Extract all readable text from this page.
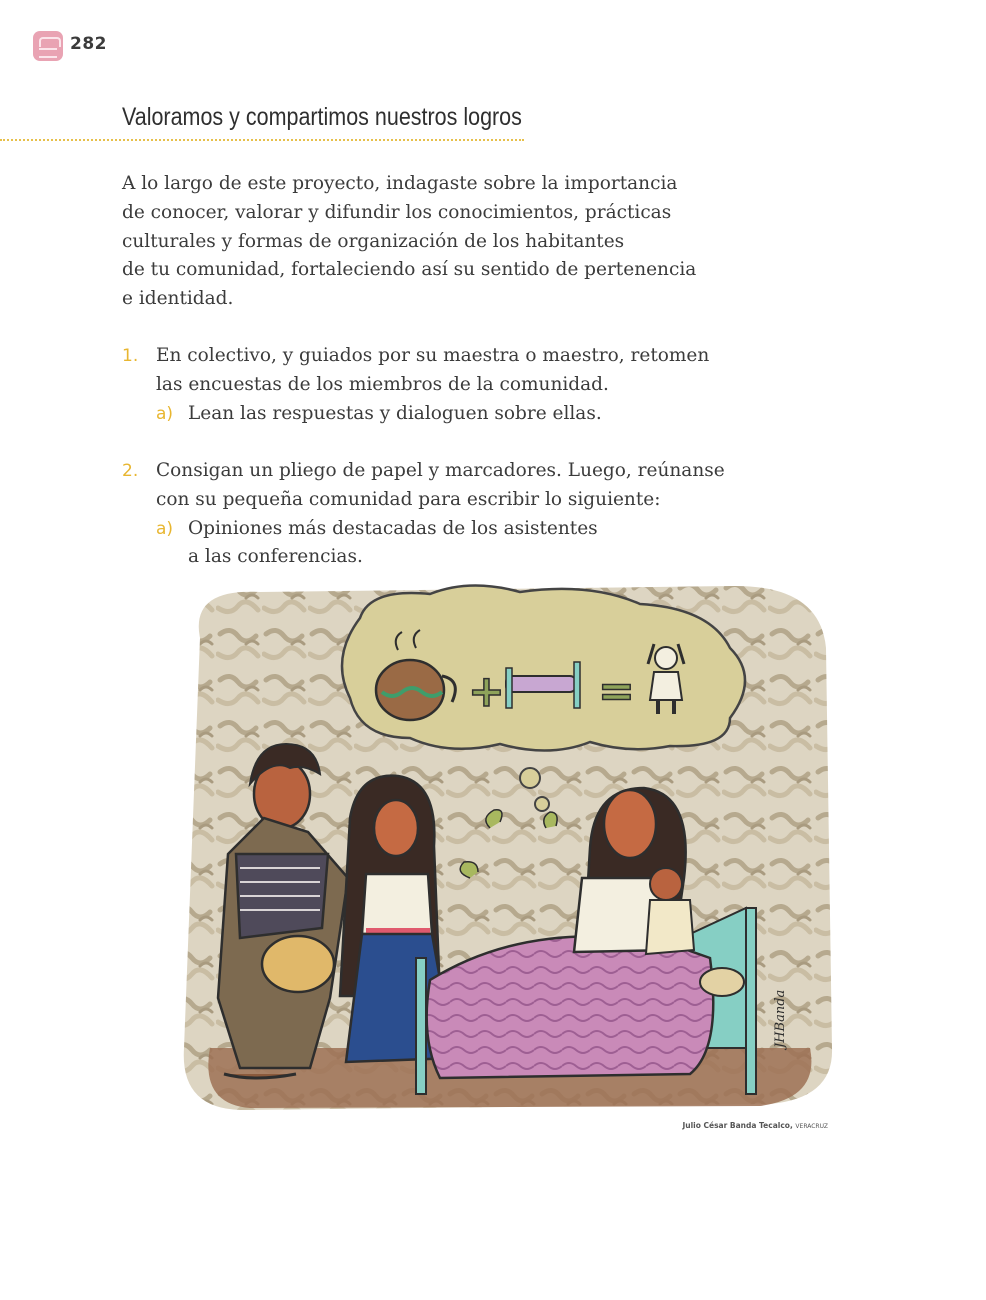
282
Valoramos y compartimos nuestros logros

A lo largo de este proyecto, indagaste sobre la importancia
de conocer, valorar y difundir los conocimientos, prácticas
culturales y formas de organización de los habitantes
de tu comunidad, fortaleciendo así su sentido de pertenencia
e identidad.

1. En colectivo, y guiados por su maestra o maestro, retomen
las encuestas de los miembros de la comunidad.
a) Lean las respuestas y dialoguen sobre ellas.
2. Consigan un pliego de papel y marcadores. Luego, reúnanse
con su pequeña comunidad para escribir lo siguiente:
a) Opiniones más destacadas de los asistentes
a las conferencias.
+ =
JHBanda
Julio César Banda Tecalco, VERACRUZ
